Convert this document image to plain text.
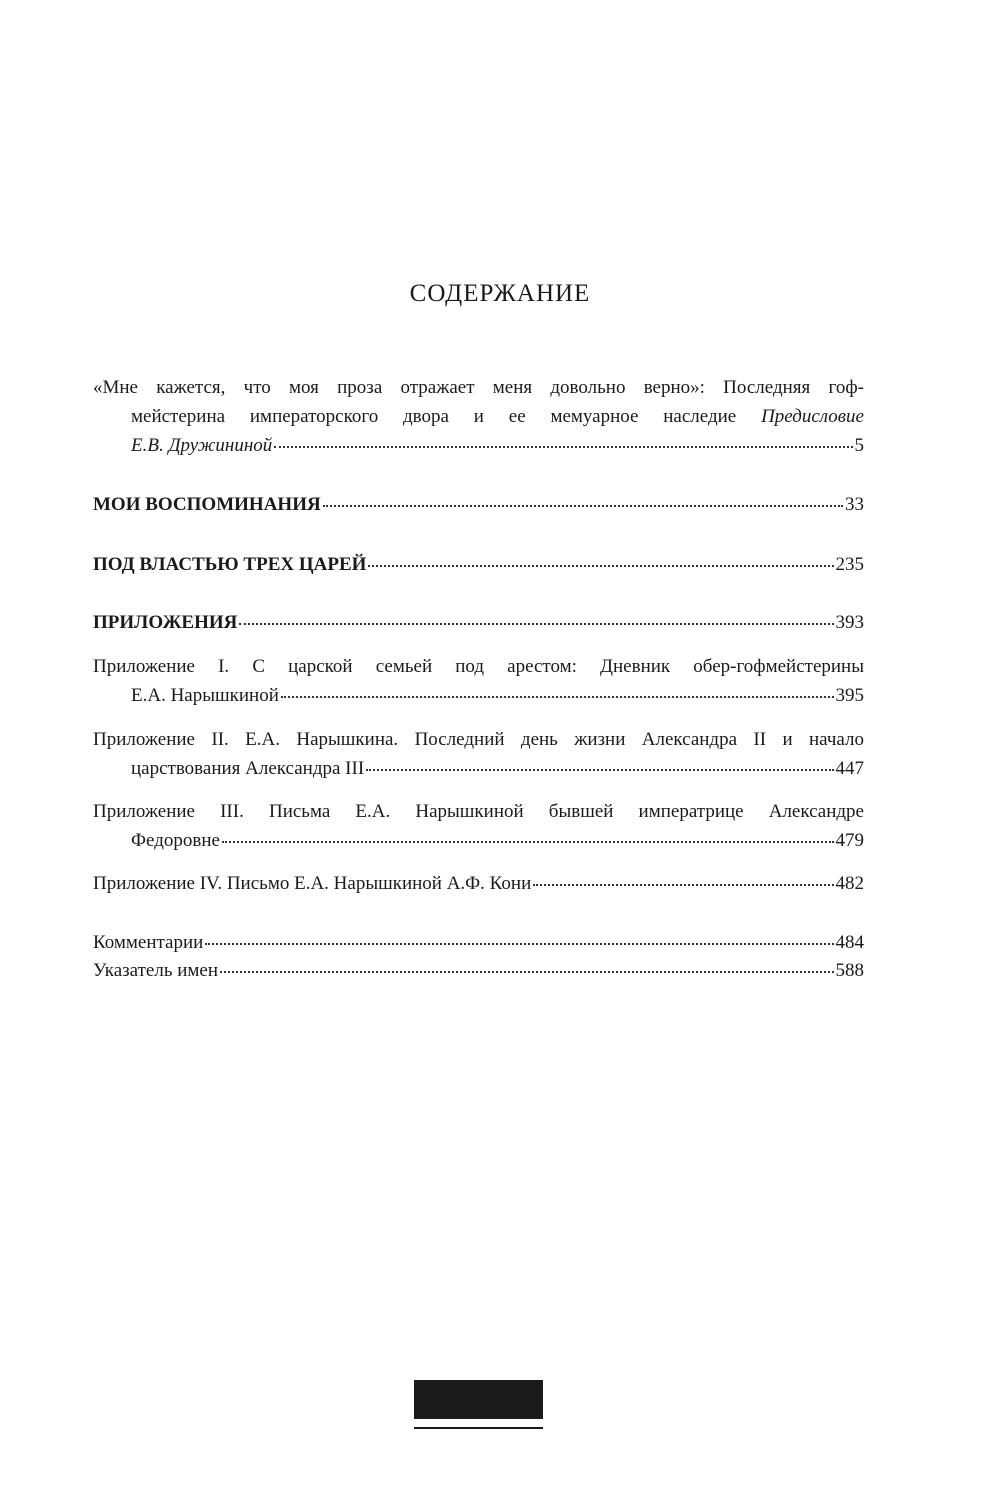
СОДЕРЖАНИЕ
«Мне кажется, что моя проза отражает меня довольно верно»: Последняя гоф-
мейстерина императорского двора и ее мемуарное наследие Предисловие
Е.В. Дружининой	5
МОИ ВОСПОМИНАНИЯ	33
ПОД ВЛАСТЬЮ ТРЕХ ЦАРЕЙ	235
ПРИЛОЖЕНИЯ	393
Приложение I. С царской семьей под арестом: Дневник обер-гофмейстерины
Е.А. Нарышкиной	395
Приложение II. Е.А. Нарышкина. Последний день жизни Александра II и начало
царствования Александра III	447
Приложение III. Письма Е.А. Нарышкиной бывшей императрице Александре
Федоровне	479
Приложение IV. Письмо Е.А. Нарышкиной А.Ф. Кони	482
Комментарии	484
Указатель имен	588
